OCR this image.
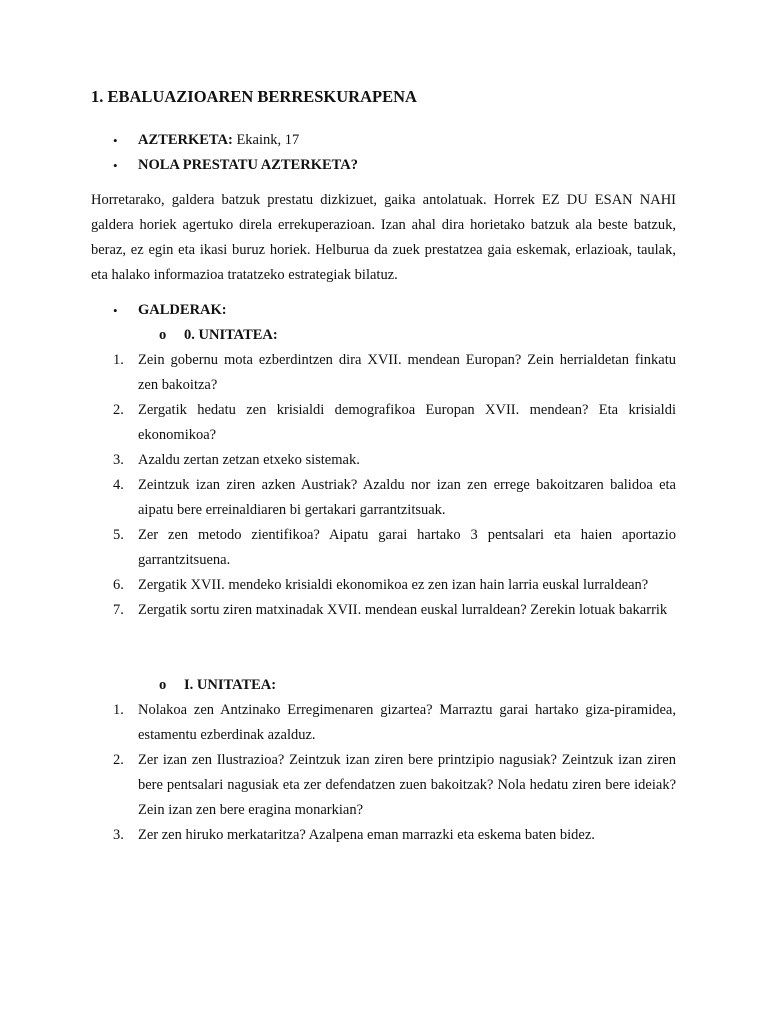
1. EBALUAZIOAREN BERRESKURAPENA
• AZTERKETA: Ekaink, 17
• NOLA PRESTATU AZTERKETA?

Horretarako, galdera batzuk prestatu dizkizuet, gaika antolatuak. Horrek EZ DU ESAN NAHI galdera horiek agertuko direla errekuperazioan. Izan ahal dira horietako batzuk ala beste batzuk, beraz, ez egin eta ikasi buruz horiek. Helburua da zuek prestatzea gaia eskemak, erlazioak, taulak, eta halako informazioa tratatzeko estrategiak bilatuz.

• GALDERAK:
o 0. UNITATEA:
1. Zein gobernu mota ezberdintzen dira XVII. mendean Europan? Zein herrialdetan finkatu zen bakoitza?
2. Zergatik hedatu zen krisialdi demografikoa Europan XVII. mendean? Eta krisialdi ekonomikoa?
3. Azaldu zertan zetzan etxeko sistemak.
4. Zeintzuk izan ziren azken Austriak? Azaldu nor izan zen errege bakoitzaren balidoa eta aipatu bere erreinaldiaren bi gertakari garrantzitsuak.
5. Zer zen metodo zientifikoa? Aipatu garai hartako 3 pentsalari eta haien aportazio garrantzitsuena.
6. Zergatik XVII. mendeko krisialdi ekonomikoa ez zen izan hain larria euskal lurraldean?
7. Zergatik sortu ziren matxinadak XVII. mendean euskal lurraldean? Zerekin lotuak bakarrik
o I. UNITATEA:
1. Nolakoa zen Antzinako Erregimenaren gizartea? Marraztu garai hartako giza-piramidea, estamentu ezberdinak azalduz.
2. Zer izan zen Ilustrazioa? Zeintzuk izan ziren bere printzipio nagusiak? Zeintzuk izan ziren bere pentsalari nagusiak eta zer defendatzen zuen bakoitzak? Nola hedatu ziren bere ideiak? Zein izan zen bere eragina monarkian?
3. Zer zen hiruko merkataritza? Azalpena eman marrazki eta eskema baten bidez.
